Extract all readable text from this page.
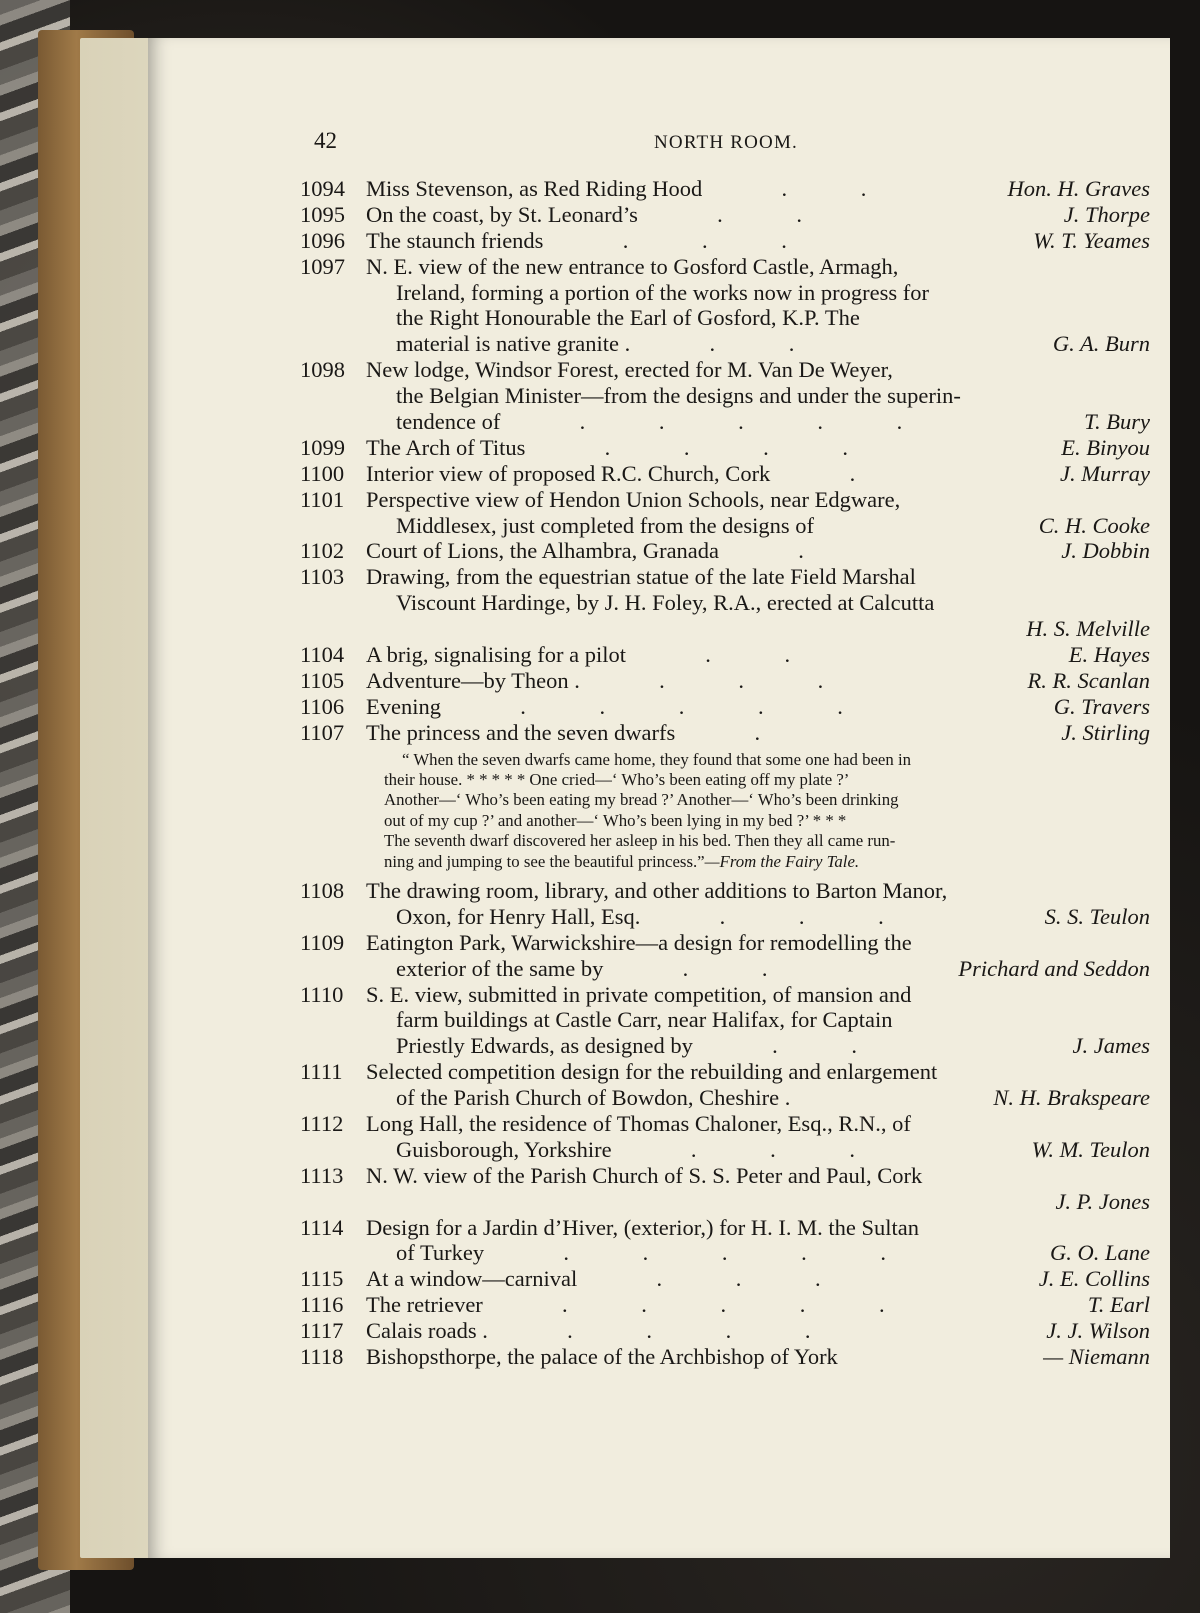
42	NORTH ROOM.
1094 Miss Stevenson, as Red Riding Hood  . .	Hon. H. Graves
1095 On the coast, by St. Leonard’s  . .	J. Thorpe
1096 The staunch friends  . . .	W. T. Yeames
1097 N. E. view of the new entrance to Gosford Castle, Armagh,
Ireland, forming a portion of the works now in progress for
the Right Honourable the Earl of Gosford, K.P. The
material is native granite .  . .	G. A. Burn
1098 New lodge, Windsor Forest, erected for M. Van De Weyer,
the Belgian Minister—from the designs and under the superin-
tendence of  . . . . .	T. Bury
1099 The Arch of Titus  . . . .	E. Binyou
1100 Interior view of proposed R.C. Church, Cork  .	J. Murray
1101 Perspective view of Hendon Union Schools, near Edgware,
Middlesex, just completed from the designs of	C. H. Cooke
1102 Court of Lions, the Alhambra, Granada  .	J. Dobbin
1103 Drawing, from the equestrian statue of the late Field Marshal
Viscount Hardinge, by J. H. Foley, R.A., erected at Calcutta
H. S. Melville
1104 A brig, signalising for a pilot  . .	E. Hayes
1105 Adventure—by Theon .  . . .	R. R. Scanlan
1106 Evening  . . . . .	G. Travers
1107 The princess and the seven dwarfs  .	J. Stirling
“ When the seven dwarfs came home, they found that some one had been in
their house. * * * * * One cried—‘ Who’s been eating off my plate ?’
Another—‘ Who’s been eating my bread ?’ Another—‘ Who’s been drinking
out of my cup ?’ and another—‘ Who’s been lying in my bed ?’ * * *
The seventh dwarf discovered her asleep in his bed. Then they all came run-
ning and jumping to see the beautiful princess.”—From the Fairy Tale.
1108 The drawing room, library, and other additions to Barton Manor,
Oxon, for Henry Hall, Esq.  . . .	S. S. Teulon
1109 Eatington Park, Warwickshire—a design for remodelling the
exterior of the same by  . .	Prichard and Seddon
1110	S. E. view, submitted in private competition, of mansion and
farm buildings at Castle Carr, near Halifax, for Captain
Priestly Edwards, as designed by  . .	J. James
1111	Selected competition design for the rebuilding and enlargement
of the Parish Church of Bowdon, Cheshire .	N. H. Brakspeare
1112	Long Hall, the residence of Thomas Chaloner, Esq., R.N., of
Guisborough, Yorkshire  . . .	W. M. Teulon
1113	N. W. view of the Parish Church of S. S. Peter and Paul, Cork
J. P. Jones
1114	Design for a Jardin d’Hiver, (exterior,) for H. I. M. the Sultan
of Turkey  . . . . .	G. O. Lane
1115	At a window—carnival  . . .	J. E. Collins
1116	The retriever  . . . . .	T. Earl
1117	Calais roads .  . . . .	J. J. Wilson
1118	Bishopsthorpe, the palace of the Archbishop of York	— Niemann
